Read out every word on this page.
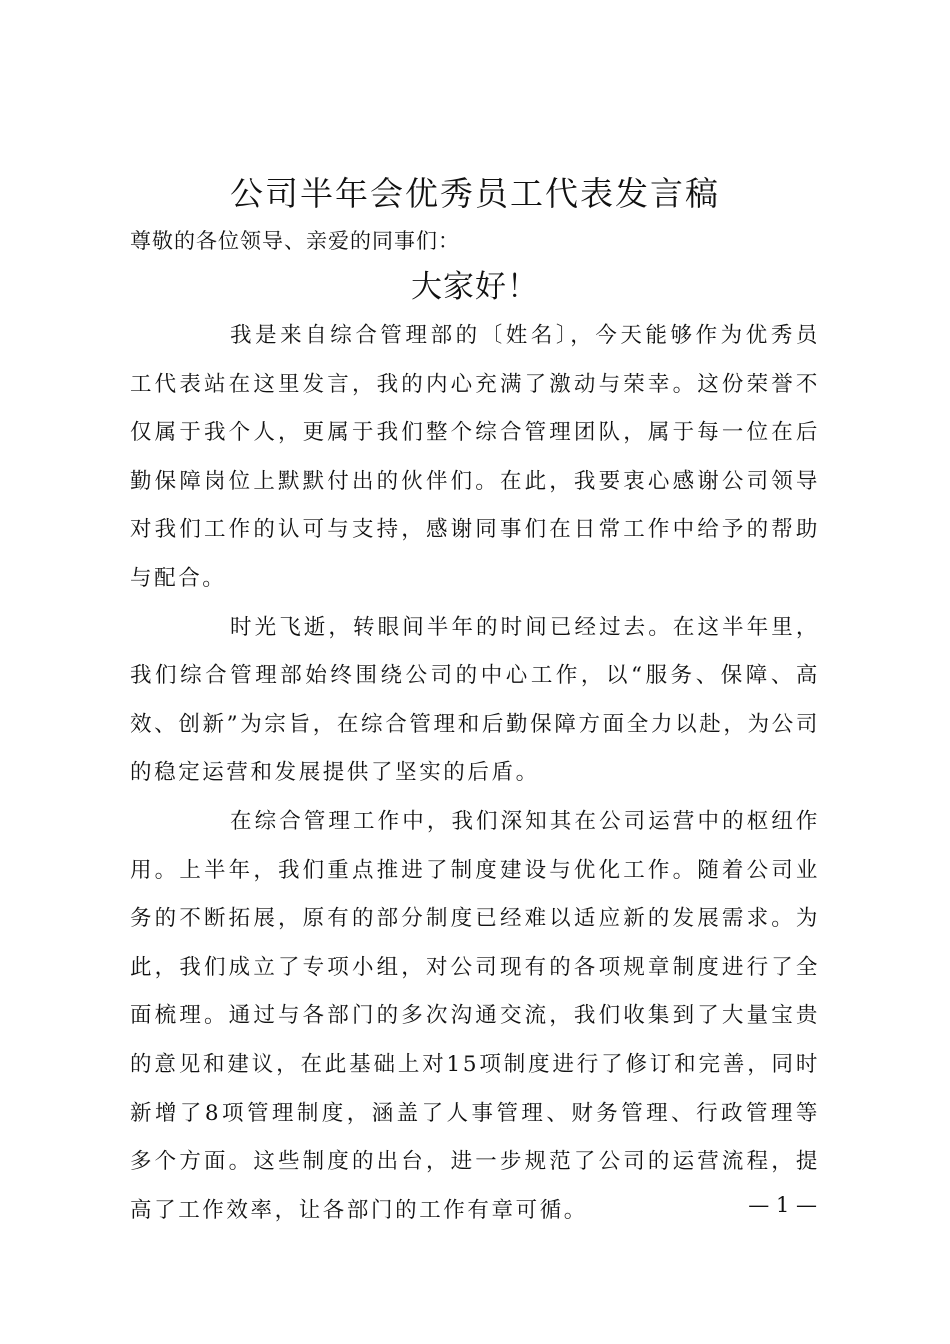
公司半年会优秀员工代表发言稿
尊敬的各位领导、亲爱的同事们：
大家好！

我是来自综合管理部的〔姓名〕，今天能够作为优秀员工代表站在这里发言，我的内心充满了激动与荣幸。这份荣誉不仅属于我个人，更属于我们整个综合管理团队，属于每一位在后勤保障岗位上默默付出的伙伴们。在此，我要衷心感谢公司领导对我们工作的认可与支持，感谢同事们在日常工作中给予的帮助与配合。

时光飞逝，转眼间半年的时间已经过去。在这半年里，我们综合管理部始终围绕公司的中心工作，以“服务、保障、高效、创新”为宗旨，在综合管理和后勤保障方面全力以赴，为公司的稳定运营和发展提供了坚实的后盾。

在综合管理工作中，我们深知其在公司运营中的枢纽作用。上半年，我们重点推进了制度建设与优化工作。随着公司业务的不断拓展，原有的部分制度已经难以适应新的发展需求。为此，我们成立了专项小组，对公司现有的各项规章制度进行了全面梳理。通过与各部门的多次沟通交流，我们收集到了大量宝贵的意见和建议，在此基础上对15项制度进行了修订和完善，同时新增了8项管理制度，涵盖了人事管理、财务管理、行政管理等多个方面。这些制度的出台，进一步规范了公司的运营流程，提高了工作效率，让各部门的工作有章可循。	— 1 —
